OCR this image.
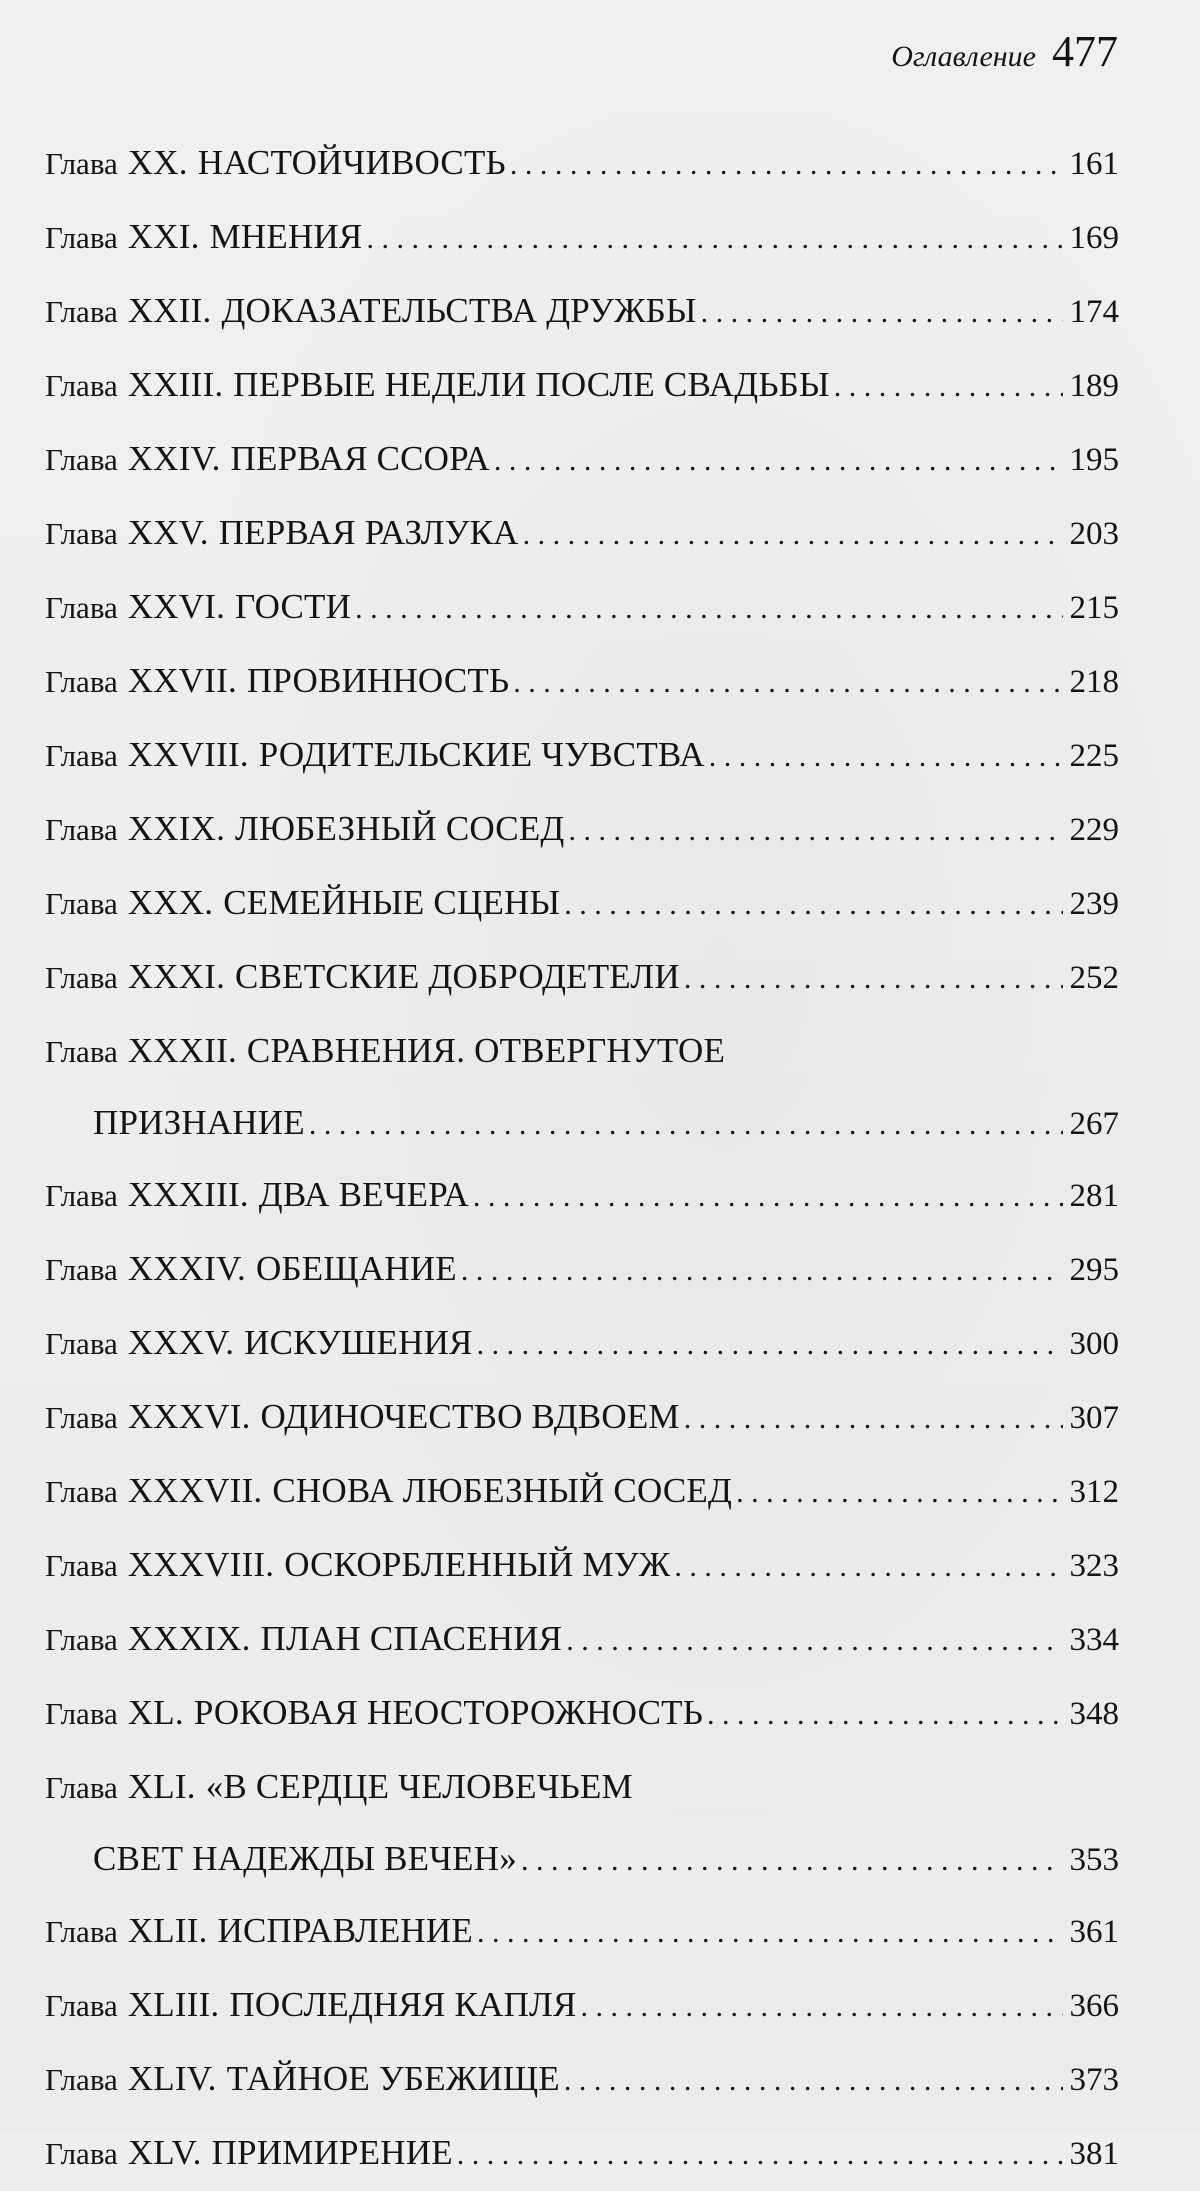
Оглавление 477
Глава XX. НАСТОЙЧИВОСТЬ . . .	161
Глава XXI. МНЕНИЯ . . .	169
Глава XXII. ДОКАЗАТЕЛЬСТВА ДРУЖБЫ . . .	174
Глава XXIII. ПЕРВЫЕ НЕДЕЛИ ПОСЛЕ СВАДЬБЫ . . .	189
Глава XXIV. ПЕРВАЯ ССОРА . . .	195
Глава XXV. ПЕРВАЯ РАЗЛУКА . . .	203
Глава XXVI. ГОСТИ . . .	215
Глава XXVII. ПРОВИННОСТЬ . . .	218
Глава XXVIII. РОДИТЕЛЬСКИЕ ЧУВСТВА . . .	225
Глава XXIX. ЛЮБЕЗНЫЙ СОСЕД . . .	229
Глава XXX. СЕМЕЙНЫЕ СЦЕНЫ . . .	239
Глава XXXI. СВЕТСКИЕ ДОБРОДЕТЕЛИ . . .	252
Глава XXXII. СРАВНЕНИЯ. ОТВЕРГНУТОЕ
ПРИЗНАНИЕ . . .	267
Глава XXXIII. ДВА ВЕЧЕРА . . .	281
Глава XXXIV. ОБЕЩАНИЕ . . .	295
Глава XXXV. ИСКУШЕНИЯ . . .	300
Глава XXXVI. ОДИНОЧЕСТВО ВДВОЕМ . . .	307
Глава XXXVII. СНОВА ЛЮБЕЗНЫЙ СОСЕД . . .	312
Глава XXXVIII. ОСКОРБЛЕННЫЙ МУЖ . . .	323
Глава XXXIX. ПЛАН СПАСЕНИЯ . . .	334
Глава XL. РОКОВАЯ НЕОСТОРОЖНОСТЬ . . .	348
Глава XLI. «В СЕРДЦЕ ЧЕЛОВЕЧЬЕМ
СВЕТ НАДЕЖДЫ ВЕЧЕН» . . .	353
Глава XLII. ИСПРАВЛЕНИЕ . . .	361
Глава XLIII. ПОСЛЕДНЯЯ КАПЛЯ . . .	366
Глава XLIV. ТАЙНОЕ УБЕЖИЩЕ . . .	373
Глава XLV. ПРИМИРЕНИЕ . . .	381
